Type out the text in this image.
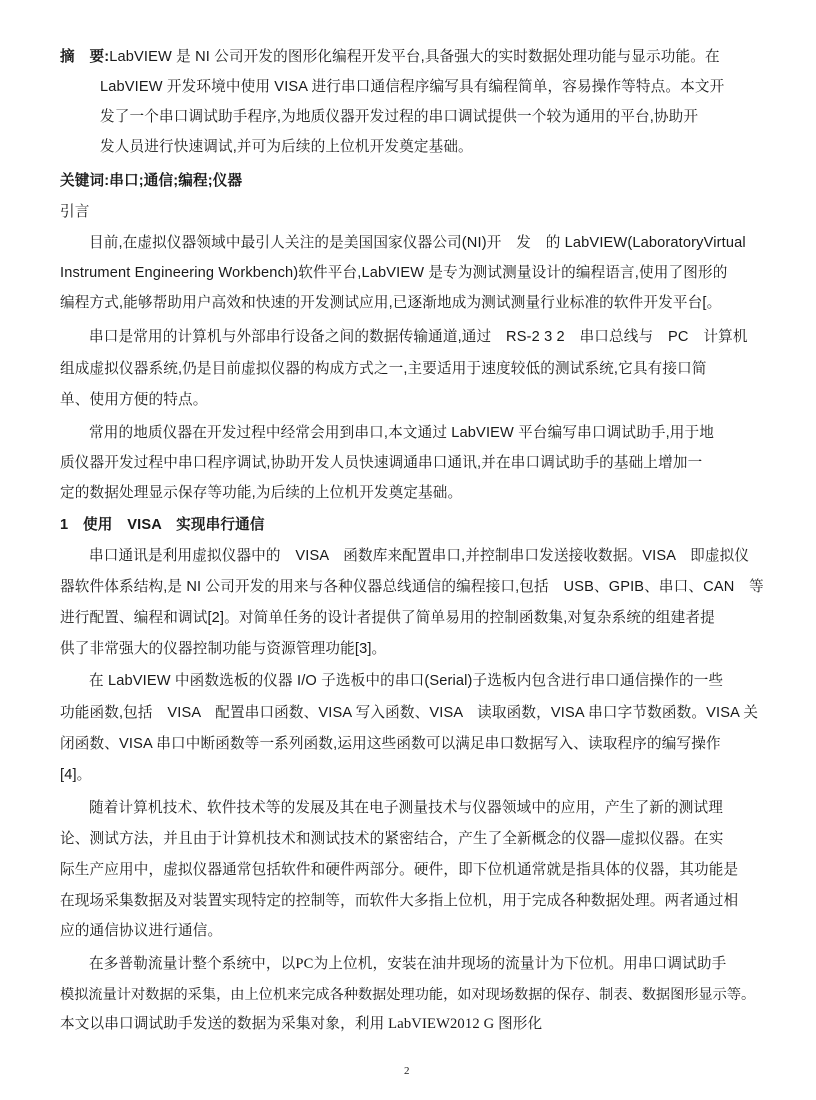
摘　要:LabVIEW 是 NI 公司开发的图形化编程开发平台,具备强大的实时数据处理功能与显示功能。在
LabVIEW 开发环境中使用 VISA 进行串口通信程序编写具有编程简单，容易操作等特点。本文开
发了一个串口调试助手程序,为地质仪器开发过程的串口调试提供一个较为通用的平台,协助开
发人员进行快速调试,并可为后续的上位机开发奠定基础。
关键词:串口;通信;编程;仪器
引言
目前,在虚拟仪器领域中最引人关注的是美国国家仪器公司(NI)开　发　的 LabVIEW(LaboratoryVirtual
Instrument Engineering Workbench)软件平台,LabVIEW 是专为测试测量设计的编程语言,使用了图形的
编程方式,能够帮助用户高效和快速的开发测试应用,已逐渐地成为测试测量行业标准的软件开发平台[。
串口是常用的计算机与外部串行设备之间的数据传输通道,通过　RS-2 3 2　串口总线与　PC　计算机
组成虚拟仪器系统,仍是目前虚拟仪器的构成方式之一,主要适用于速度较低的测试系统,它具有接口简
单、使用方便的特点。
常用的地质仪器在开发过程中经常会用到串口,本文通过 LabVIEW 平台编写串口调试助手,用于地
质仪器开发过程中串口程序调试,协助开发人员快速调通串口通讯,并在串口调试助手的基础上增加一
定的数据处理显示保存等功能,为后续的上位机开发奠定基础。
1　使用　VISA　实现串行通信
串口通讯是利用虚拟仪器中的　VISA　函数库来配置串口,并控制串口发送接收数据。VISA　即虚拟仪
器软件体系结构,是 NI 公司开发的用来与各种仪器总线通信的编程接口,包括　USB、GPIB、串口、CAN　等
进行配置、编程和调试[2]。对简单任务的设计者提供了简单易用的控制函数集,对复杂系统的组建者提
供了非常强大的仪器控制功能与资源管理功能[3]。
在 LabVIEW 中函数选板的仪器 I/O 子选板中的串口(Serial)子选板内包含进行串口通信操作的一些
功能函数,包括　VISA　配置串口函数、VISA 写入函数、VISA　读取函数，VISA 串口字节数函数。VISA 关
闭函数、VISA 串口中断函数等一系列函数,运用这些函数可以满足串口数据写入、读取程序的编写操作
[4]。
随着计算机技术、软件技术等的发展及其在电子测量技术与仪器领域中的应用，产生了新的测试理
论、测试方法，并且由于计算机技术和测试技术的紧密结合，产生了全新概念的仪器—虚拟仪器。在实
际生产应用中，虚拟仪器通常包括软件和硬件两部分。硬件，即下位机通常就是指具体的仪器，其功能是
在现场采集数据及对装置实现特定的控制等，而软件大多指上位机，用于完成各种数据处理。两者通过相
应的通信协议进行通信。
在多普勒流量计整个系统中，以PC为上位机，安装在油井现场的流量计为下位机。用串口调试助手
模拟流量计对数据的采集，由上位机来完成各种数据处理功能，如对现场数据的保存、制表、数据图形显示等。
本文以串口调试助手发送的数据为采集对象，利用 LabVIEW2012 G 图形化
2
